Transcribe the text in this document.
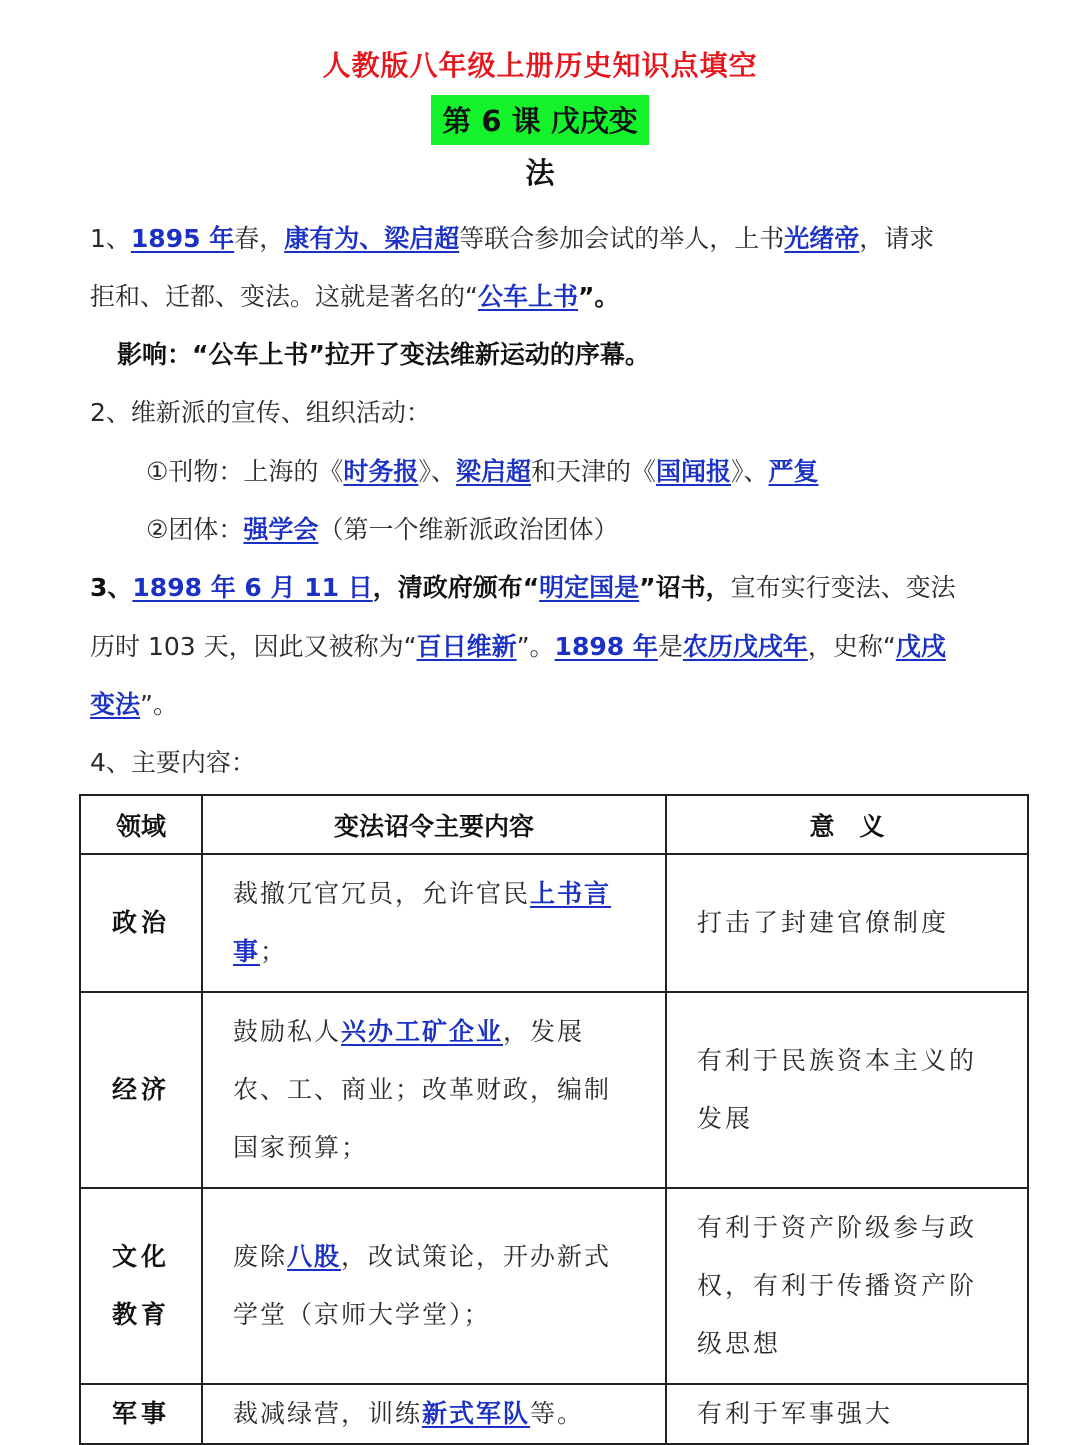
人教版八年级上册历史知识点填空
第 6 课 戊戌变法
1、1895 年春，康有为、梁启超等联合参加会试的举人，上书光绪帝，请求
拒和、迁都、变法。这就是著名的“公车上书”。
影响：“公车上书”拉开了变法维新运动的序幕。
2、维新派的宣传、组织活动：
①刊物：上海的《时务报》、梁启超和天津的《国闻报》、严复
②团体：强学会（第一个维新派政治团体）
3、1898 年 6 月 11 日，清政府颁布“明定国是”诏书，宣布实行变法、变法
历时 103 天，因此又被称为“百日维新”。1898 年是农历戊戌年，史称“戊戌
变法”。
4、主要内容：
领域	变法诏令主要内容	意　义
政治	裁撤冗官冗员，允许官民上书言
事；	打击了封建官僚制度

经济	鼓励私人兴办工矿企业，发展
农、工、商业；改革财政，编制
国家预算；	有利于民族资本主义的
发展

文化
教育	废除八股，改试策论，开办新式
学堂（京师大学堂）；	有利于资产阶级参与政
权，有利于传播资产阶
级思想

军事	裁减绿营，训练新式军队等。	有利于军事强大
